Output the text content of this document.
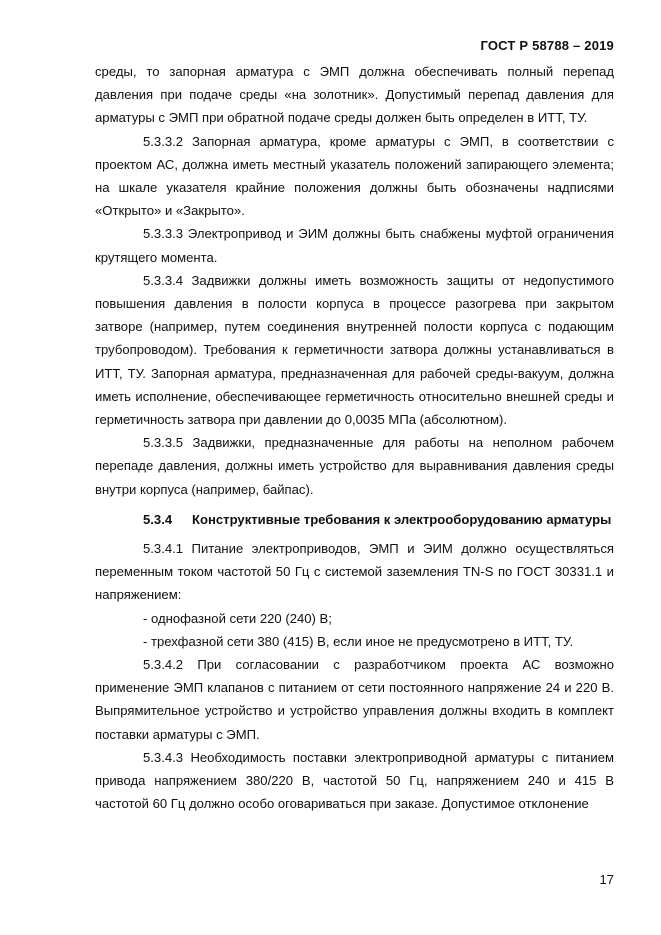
ГОСТ Р 58788 – 2019

среды, то запорная арматура с ЭМП должна обеспечивать полный перепад давления при подаче среды «на золотник». Допустимый перепад давления для арматуры с ЭМП при обратной подаче среды должен быть определен в ИТТ, ТУ.

5.3.3.2 Запорная арматура, кроме арматуры с ЭМП, в соответствии с проектом АС, должна иметь местный указатель положений запирающего элемента; на шкале указателя крайние положения должны быть обозначены надписями «Открыто» и «Закрыто».

5.3.3.3 Электропривод и ЭИМ должны быть снабжены муфтой ограничения крутящего момента.

5.3.3.4 Задвижки должны иметь возможность защиты от недопустимого повышения давления в полости корпуса в процессе разогрева при закрытом затворе (например, путем соединения внутренней полости корпуса с подающим трубопроводом). Требования к герметичности затвора должны устанавливаться в ИТТ, ТУ. Запорная арматура, предназначенная для рабочей среды-вакуум, должна иметь исполнение, обеспечивающее герметичность относительно внешней среды и герметичность затвора при давлении до 0,0035 МПа (абсолютном).

5.3.3.5 Задвижки, предназначенные для работы на неполном рабочем перепаде давления, должны иметь устройство для выравнивания давления среды внутри корпуса (например, байпас).

5.3.4 Конструктивные требования к электрооборудованию арматуры

5.3.4.1 Питание электроприводов, ЭМП и ЭИМ должно осуществляться переменным током частотой 50 Гц с системой заземления TN-S по ГОСТ 30331.1 и напряжением:

- однофазной сети 220 (240) В;

- трехфазной сети 380 (415) В, если иное не предусмотрено в ИТТ, ТУ.

5.3.4.2 При согласовании с разработчиком проекта АС возможно применение ЭМП клапанов с питанием от сети постоянного напряжение 24 и 220 В. Выпрямительное устройство и устройство управления должны входить в комплект поставки арматуры с ЭМП.

5.3.4.3 Необходимость поставки электроприводной арматуры с питанием привода напряжением 380/220 В, частотой 50 Гц, напряжением 240 и 415 В частотой 60 Гц должно особо оговариваться при заказе. Допустимое отклонение

17
